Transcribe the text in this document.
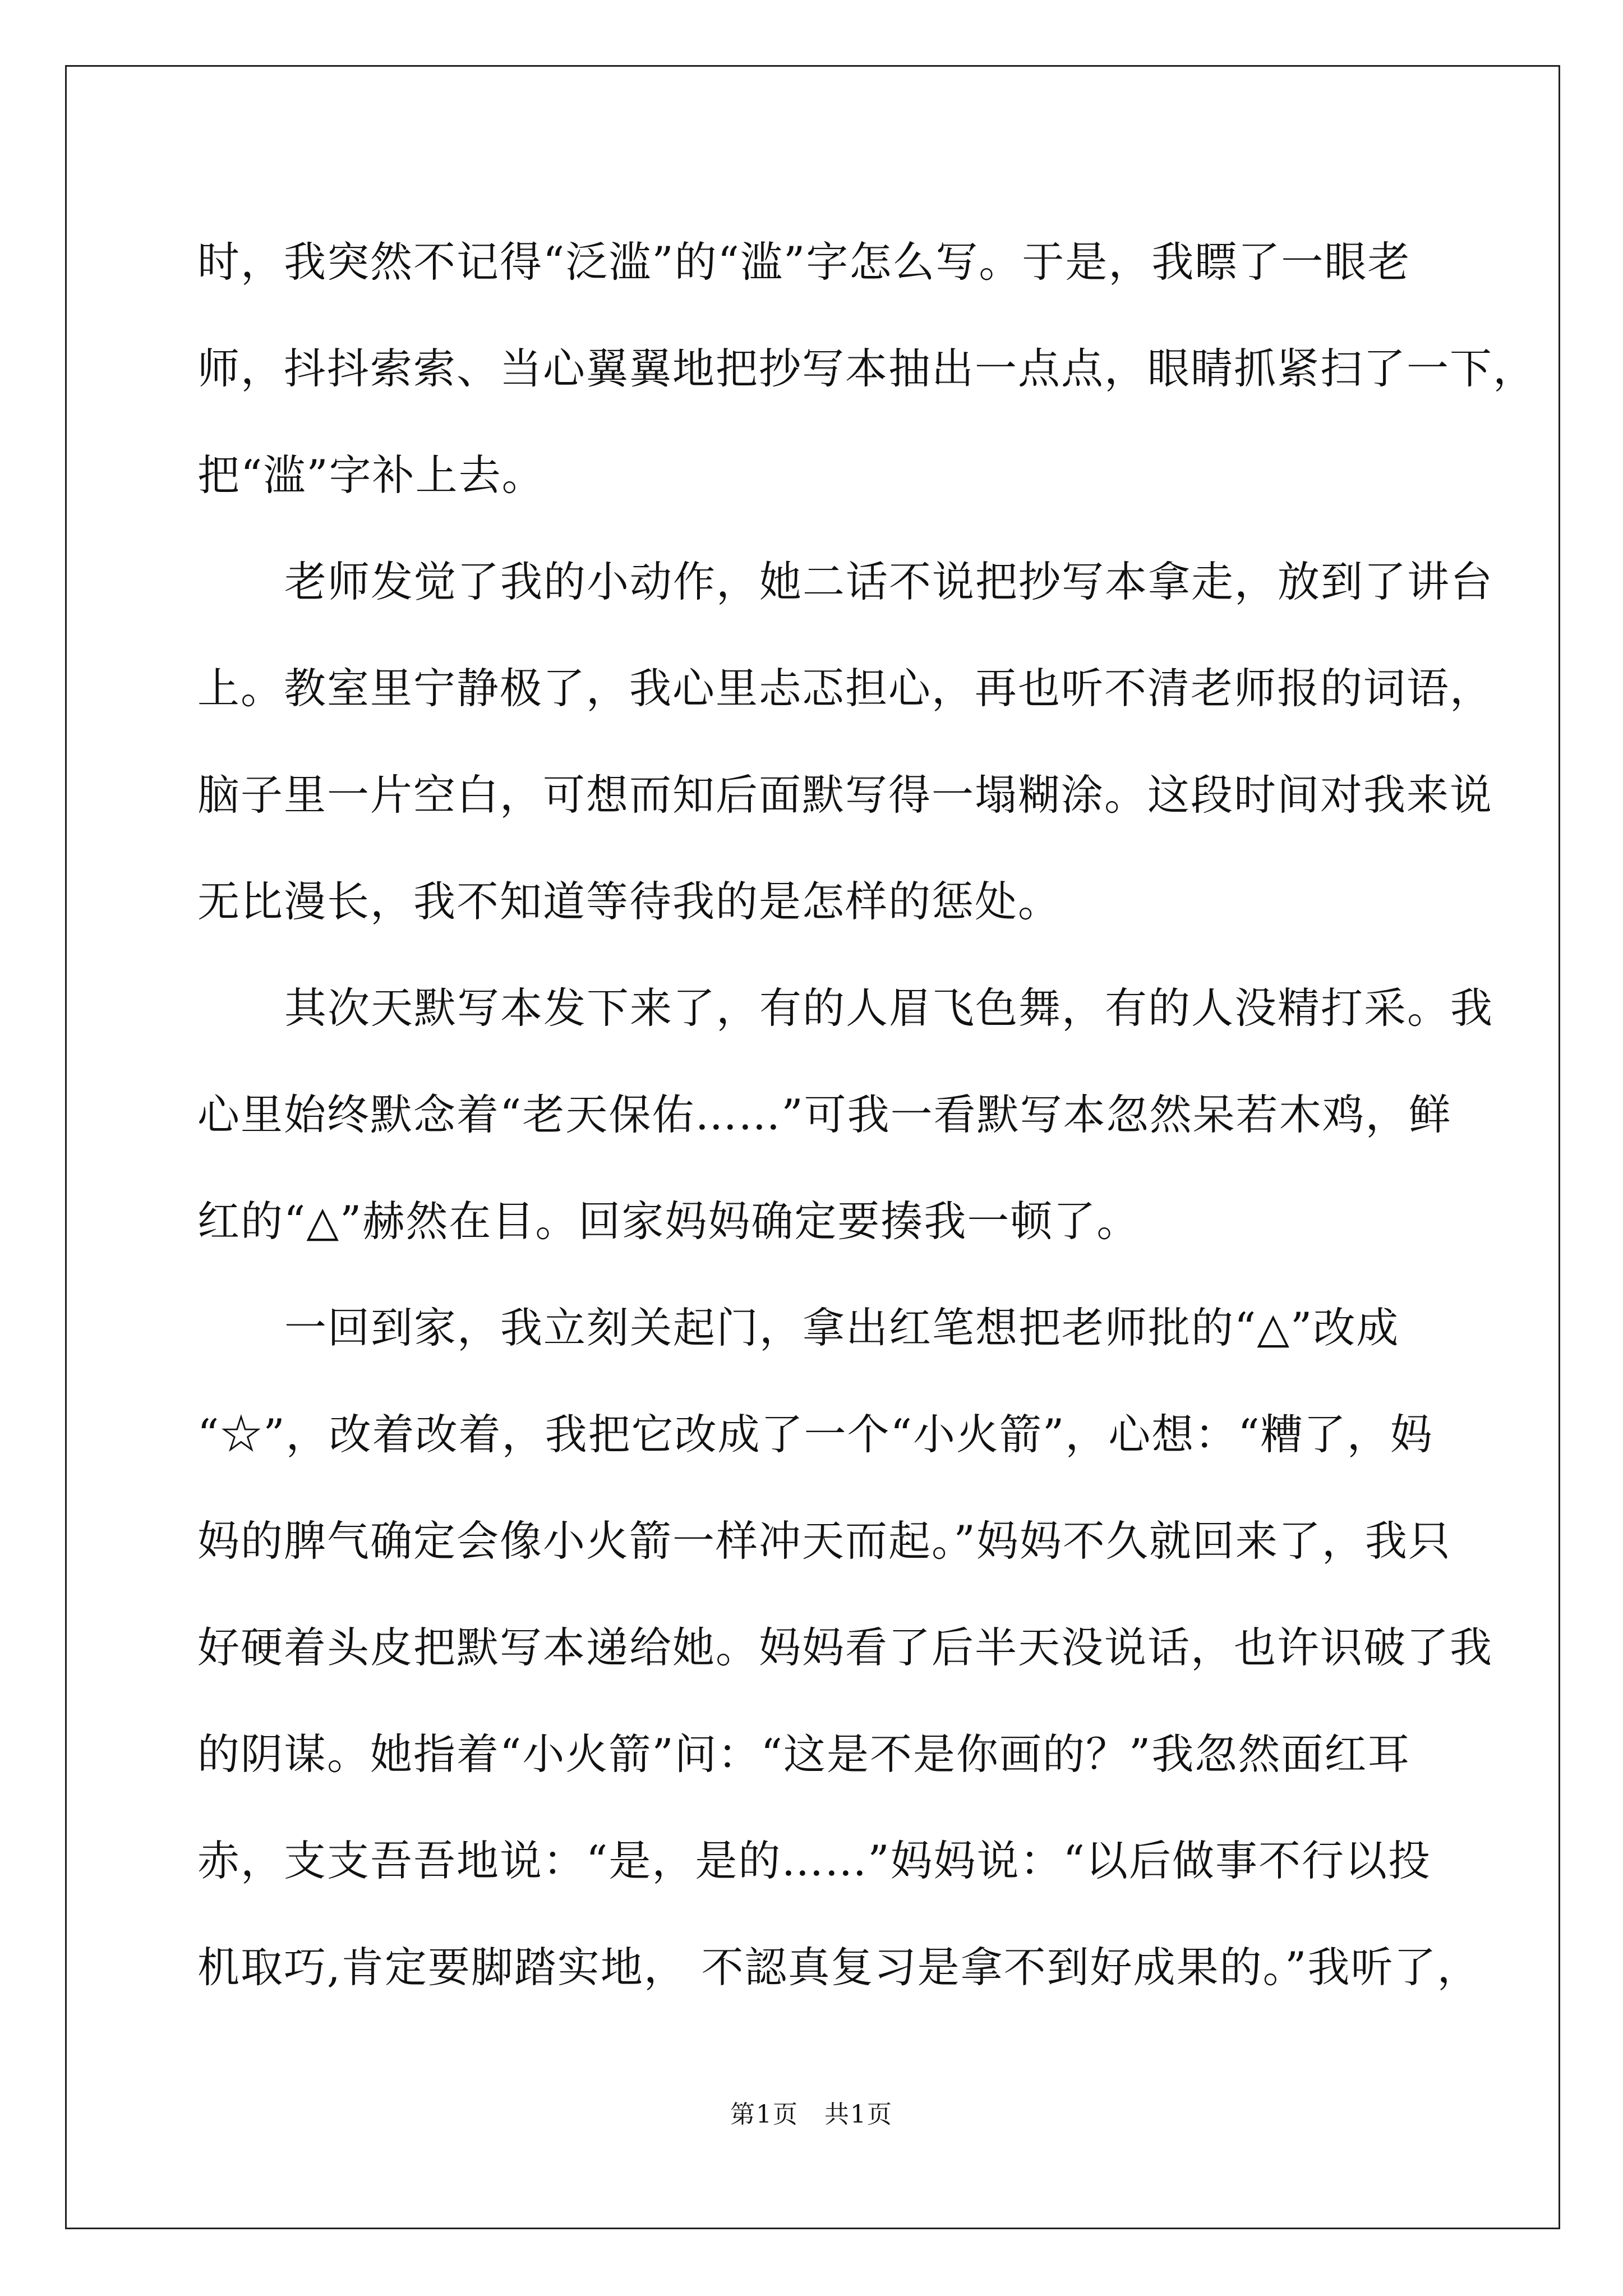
时，我突然不记得“泛滥”的“滥”字怎么写。于是，我瞟了一眼老
师，抖抖索索、当心翼翼地把抄写本抽出一点点，眼睛抓紧扫了一下，
把“滥”字补上去。
老师发觉了我的小动作，她二话不说把抄写本拿走，放到了讲台
上。教室里宁静极了，我心里忐忑担心，再也听不清老师报的词语，
脑子里一片空白，可想而知后面默写得一塌糊涂。这段时间对我来说
无比漫长，我不知道等待我的是怎样的惩处。
其次天默写本发下来了，有的人眉飞色舞，有的人没精打采。我
心里始终默念着“老天保佑……”可我一看默写本忽然呆若木鸡，鲜
红的“△”赫然在目。回家妈妈确定要揍我一顿了。
一回到家，我立刻关起门，拿出红笔想把老师批的“△”改成
“☆”，改着改着，我把它改成了一个“小火箭”，心想：“糟了，妈
妈的脾气确定会像小火箭一样冲天而起。”妈妈不久就回来了，我只
好硬着头皮把默写本递给她。妈妈看了后半天没说话，也许识破了我
的阴谋。她指着“小火箭”问：“这是不是你画的？”我忽然面红耳
赤，支支吾吾地说：“是，是的……”妈妈说：“以后做事不行以投
机取巧,肯定要脚踏实地， 不認真复习是拿不到好成果的。”我听了，
第1页　共1页
